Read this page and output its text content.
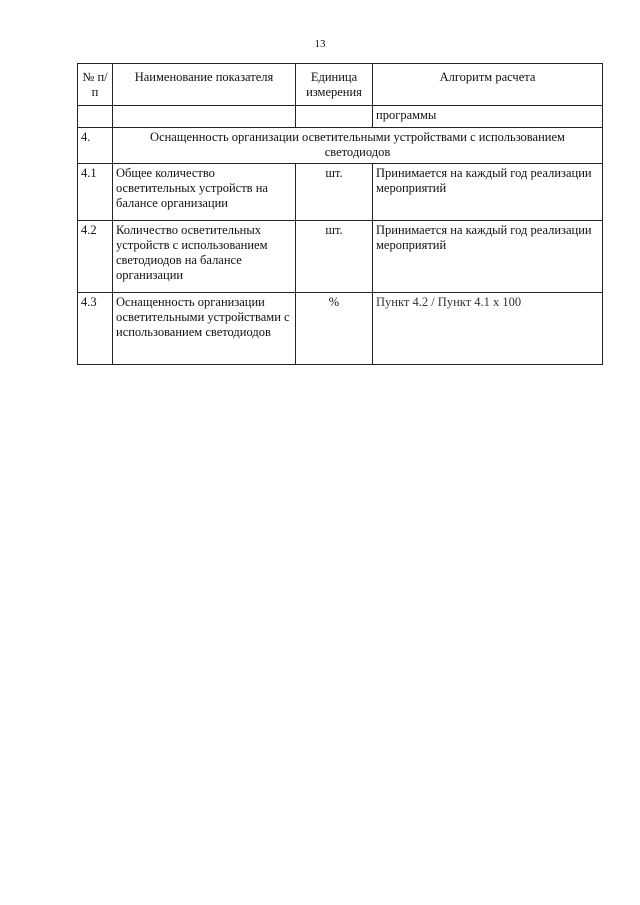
13
№ п/п	Наименование показателя	Единица измерения	Алгоритм расчета
			программы
4.	Оснащенность организации осветительными устройствами с использованием светодиодов		
4.1	Общее количество осветительных устройств на балансе организации	шт.	Принимается на каждый год реализации мероприятий
4.2	Количество осветительных устройств с использованием светодиодов на балансе организации	шт.	Принимается на каждый год реализации мероприятий
4.3	Оснащенность организации осветительными устройствами с использованием светодиодов	%	Пункт 4.2 / Пункт 4.1 х 100
